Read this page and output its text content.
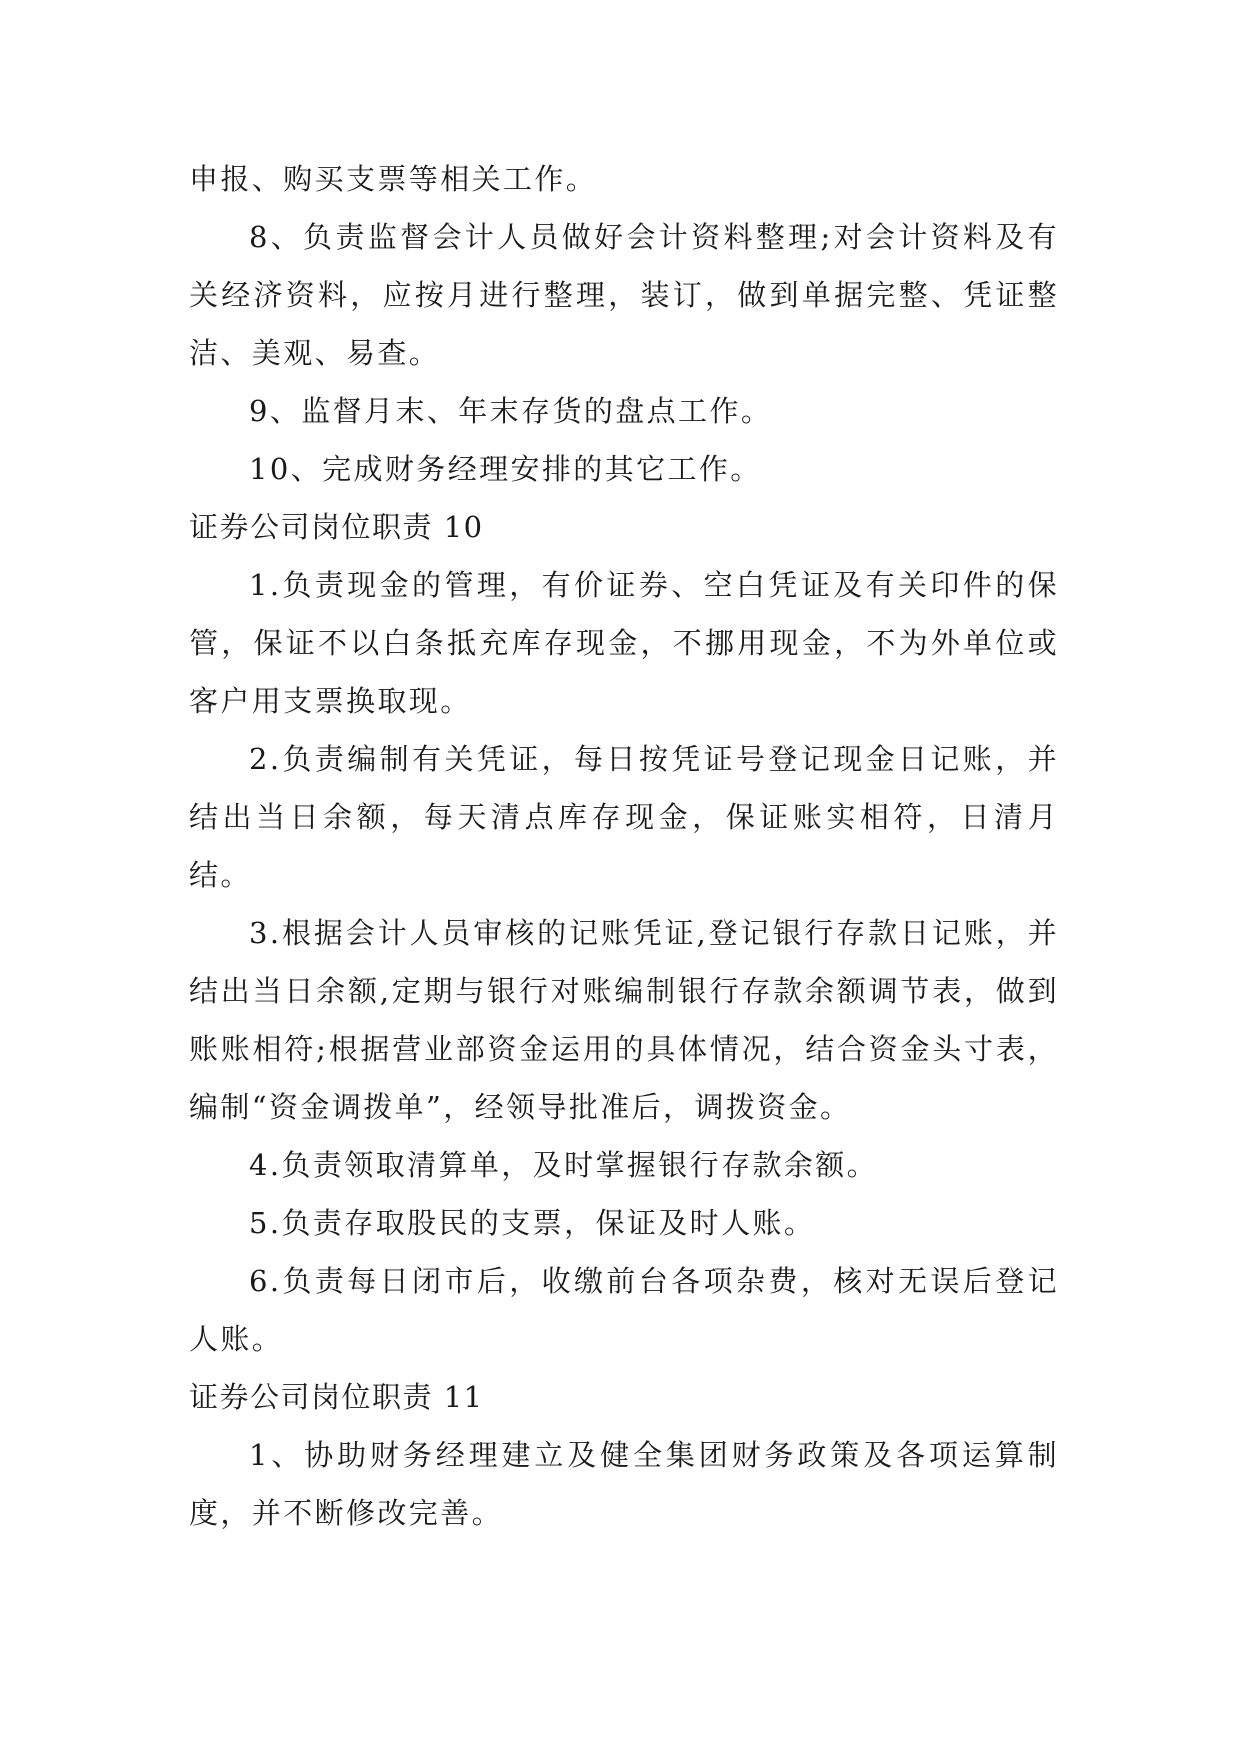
申报、购买支票等相关工作。

8、负责监督会计人员做好会计资料整理;对会计资料及有关经济资料，应按月进行整理，装订，做到单据完整、凭证整洁、美观、易查。

9、监督月末、年末存货的盘点工作。

10、完成财务经理安排的其它工作。

证券公司岗位职责 10

1.负责现金的管理，有价证券、空白凭证及有关印件的保管，保证不以白条抵充库存现金，不挪用现金，不为外单位或客户用支票换取现。

2.负责编制有关凭证，每日按凭证号登记现金日记账，并结出当日余额，每天清点库存现金，保证账实相符，日清月结。

3.根据会计人员审核的记账凭证,登记银行存款日记账，并结出当日余额,定期与银行对账编制银行存款余额调节表，做到账账相符;根据营业部资金运用的具体情况，结合资金头寸表，编制“资金调拨单”，经领导批准后，调拨资金。

4.负责领取清算单，及时掌握银行存款余额。

5.负责存取股民的支票，保证及时人账。

6.负责每日闭市后，收缴前台各项杂费，核对无误后登记人账。

证券公司岗位职责 11

1、协助财务经理建立及健全集团财务政策及各项运算制度，并不断修改完善。
